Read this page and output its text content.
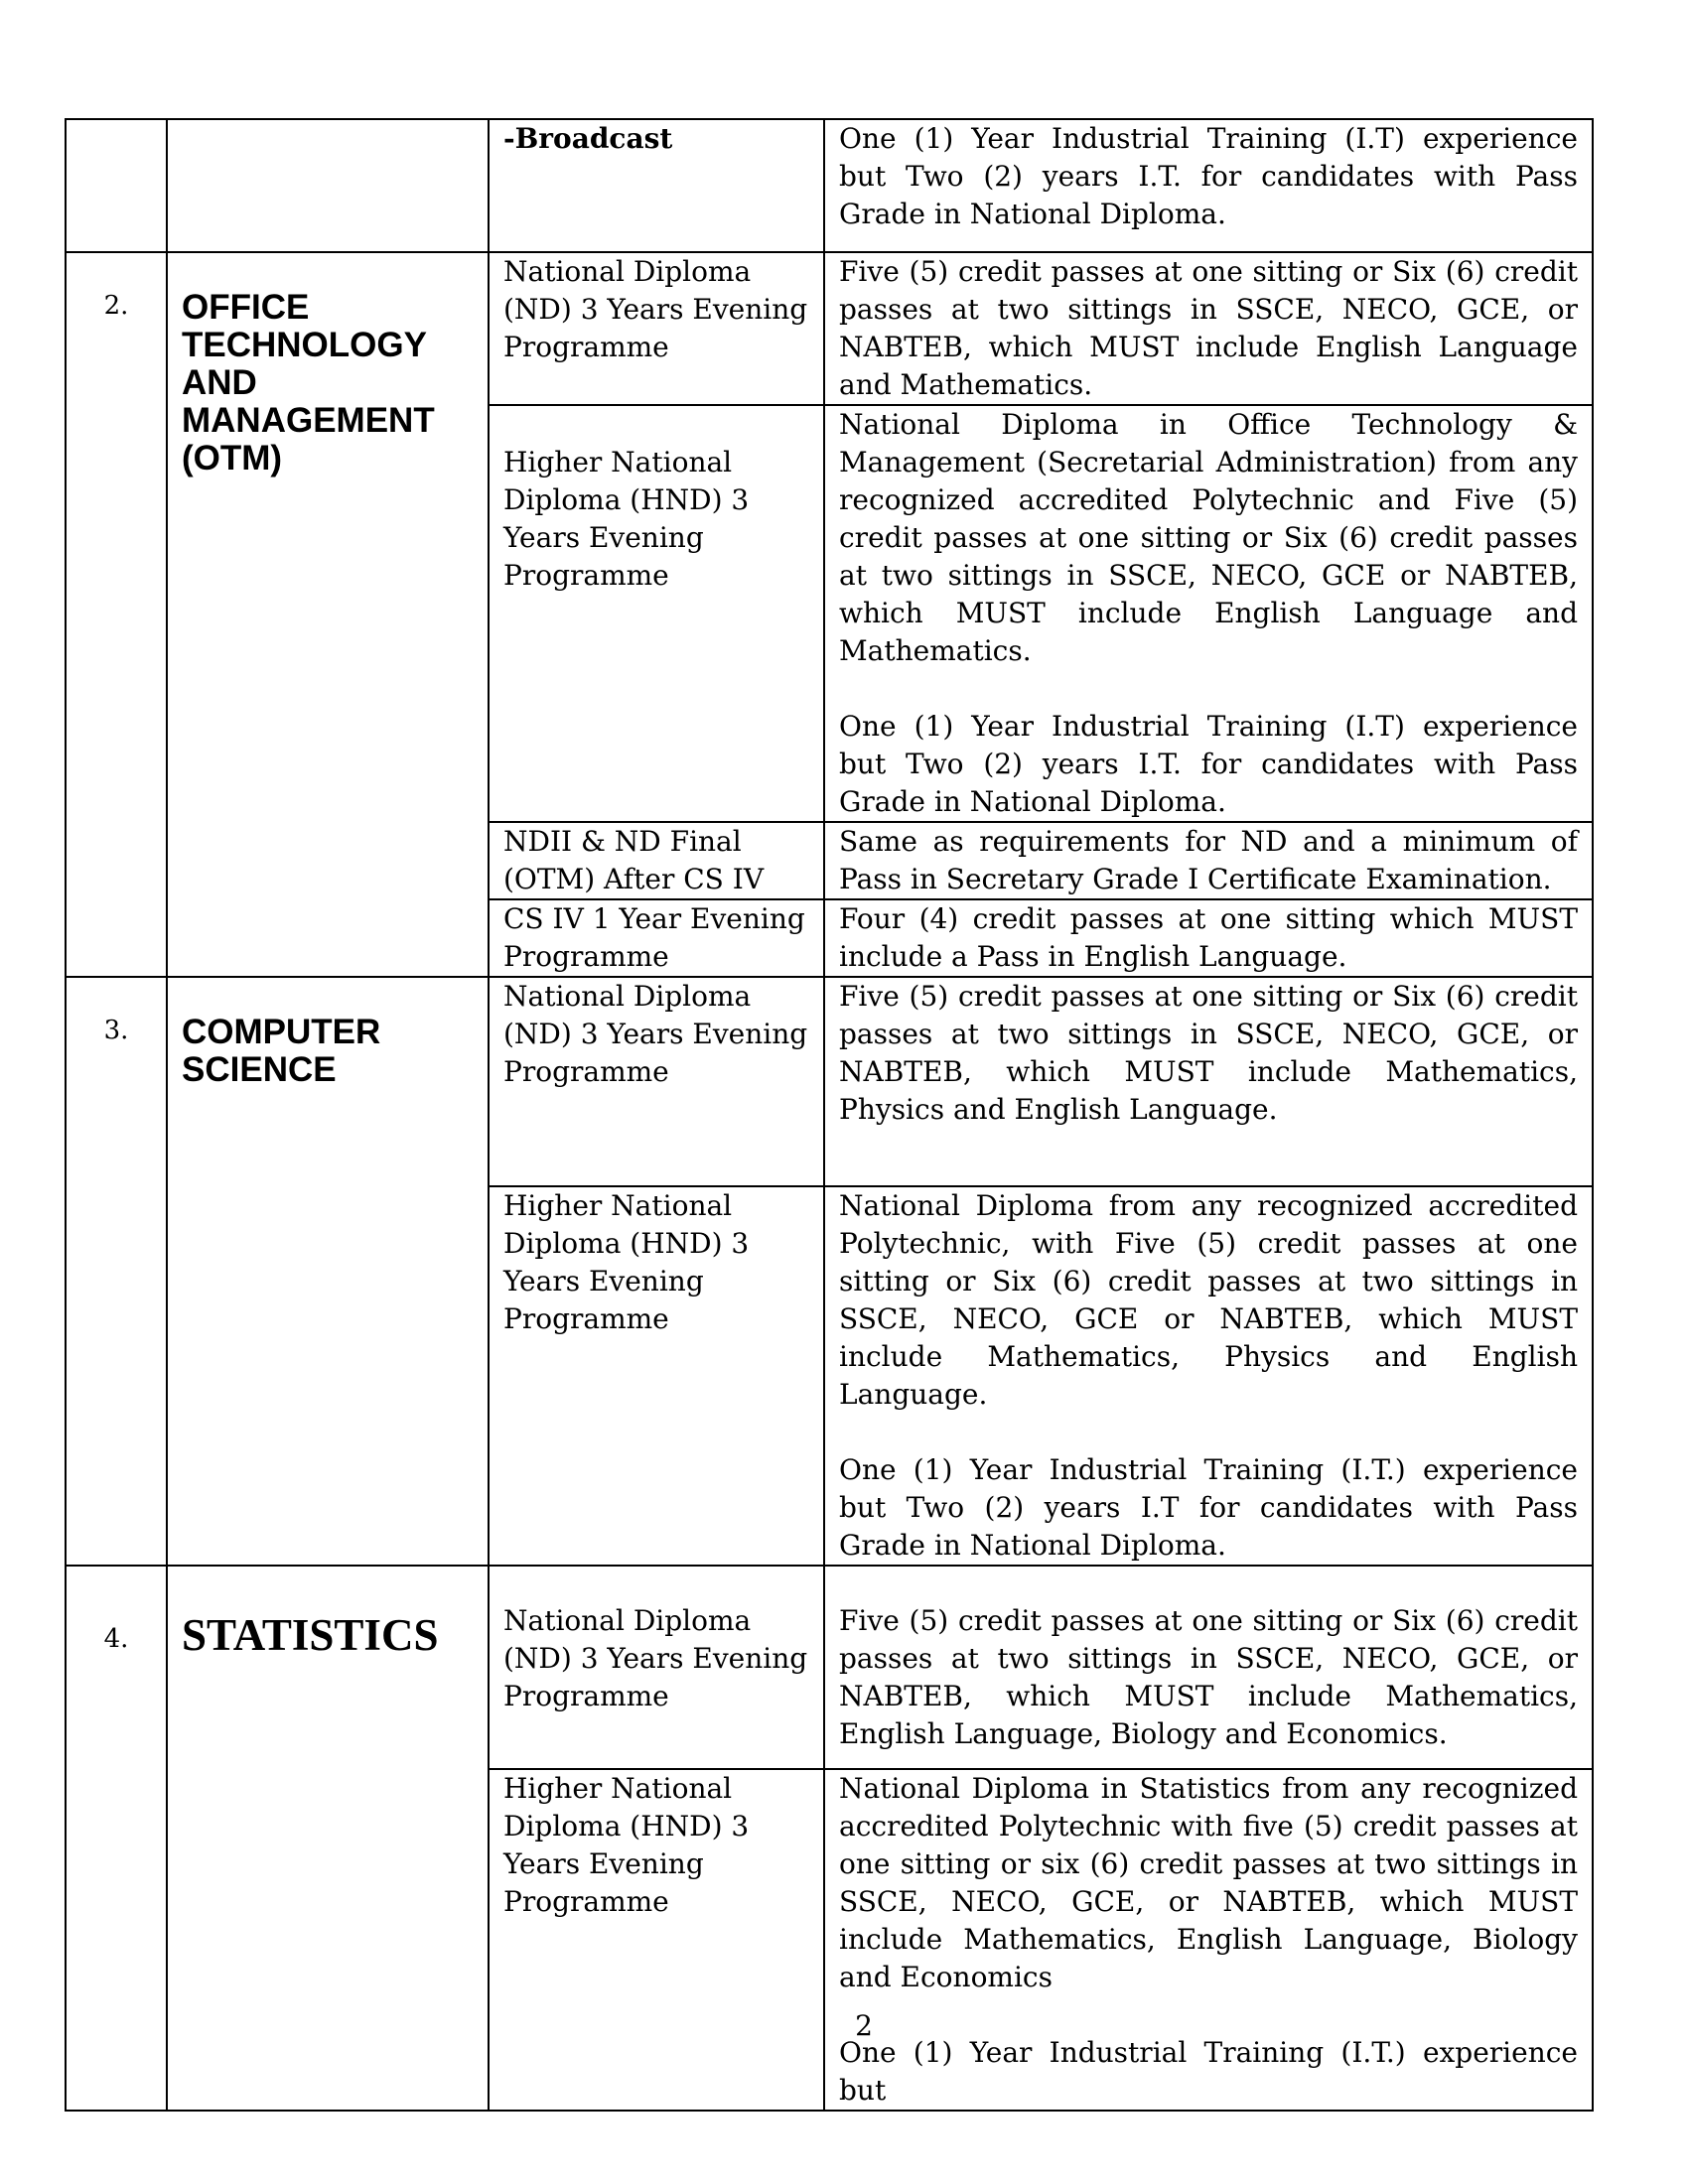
		-Broadcast	One (1) Year Industrial Training (I.T) experience but Two (2) years I.T. for candidates with Pass Grade in National Diploma.

2.	OFFICE TECHNOLOGY AND MANAGEMENT (OTM)	National Diploma (ND) 3 Years Evening Programme	Five (5) credit passes at one sitting or Six (6) credit passes at two sittings in SSCE, NECO, GCE, or NABTEB, which MUST include English Language and Mathematics.

		Higher National Diploma (HND) 3 Years Evening Programme	National Diploma in Office Technology & Management (Secretarial Administration) from any recognized accredited Polytechnic and Five (5) credit passes at one sitting or Six (6) credit passes at two sittings in SSCE, NECO, GCE or NABTEB, which MUST include English Language and Mathematics.

One (1) Year Industrial Training (I.T) experience but Two (2) years I.T. for candidates with Pass Grade in National Diploma.

		NDII & ND Final (OTM) After CS IV	Same as requirements for ND and a minimum of Pass in Secretary Grade I Certificate Examination.

		CS IV 1 Year Evening Programme	Four (4) credit passes at one sitting which MUST include a Pass in English Language.

3.	COMPUTER SCIENCE	National Diploma (ND) 3 Years Evening Programme	Five (5) credit passes at one sitting or Six (6) credit passes at two sittings in SSCE, NECO, GCE, or NABTEB, which MUST include Mathematics, Physics and English Language.

		Higher National Diploma (HND) 3 Years Evening Programme	National Diploma from any recognized accredited Polytechnic, with Five (5) credit passes at one sitting or Six (6) credit passes at two sittings in SSCE, NECO, GCE or NABTEB, which MUST include Mathematics, Physics and English Language.

One (1) Year Industrial Training (I.T.) experience but Two (2) years I.T for candidates with Pass Grade in National Diploma.

4.	STATISTICS	National Diploma (ND) 3 Years Evening Programme	Five (5) credit passes at one sitting or Six (6) credit passes at two sittings in SSCE, NECO, GCE, or NABTEB, which MUST include Mathematics, English Language, Biology and Economics.

		Higher National Diploma (HND) 3 Years Evening Programme	National Diploma in Statistics from any recognized accredited Polytechnic with five (5) credit passes at one sitting or six (6) credit passes at two sittings in SSCE, NECO, GCE, or NABTEB, which MUST include Mathematics, English Language, Biology and Economics

One (1) Year Industrial Training (I.T.) experience but

2
